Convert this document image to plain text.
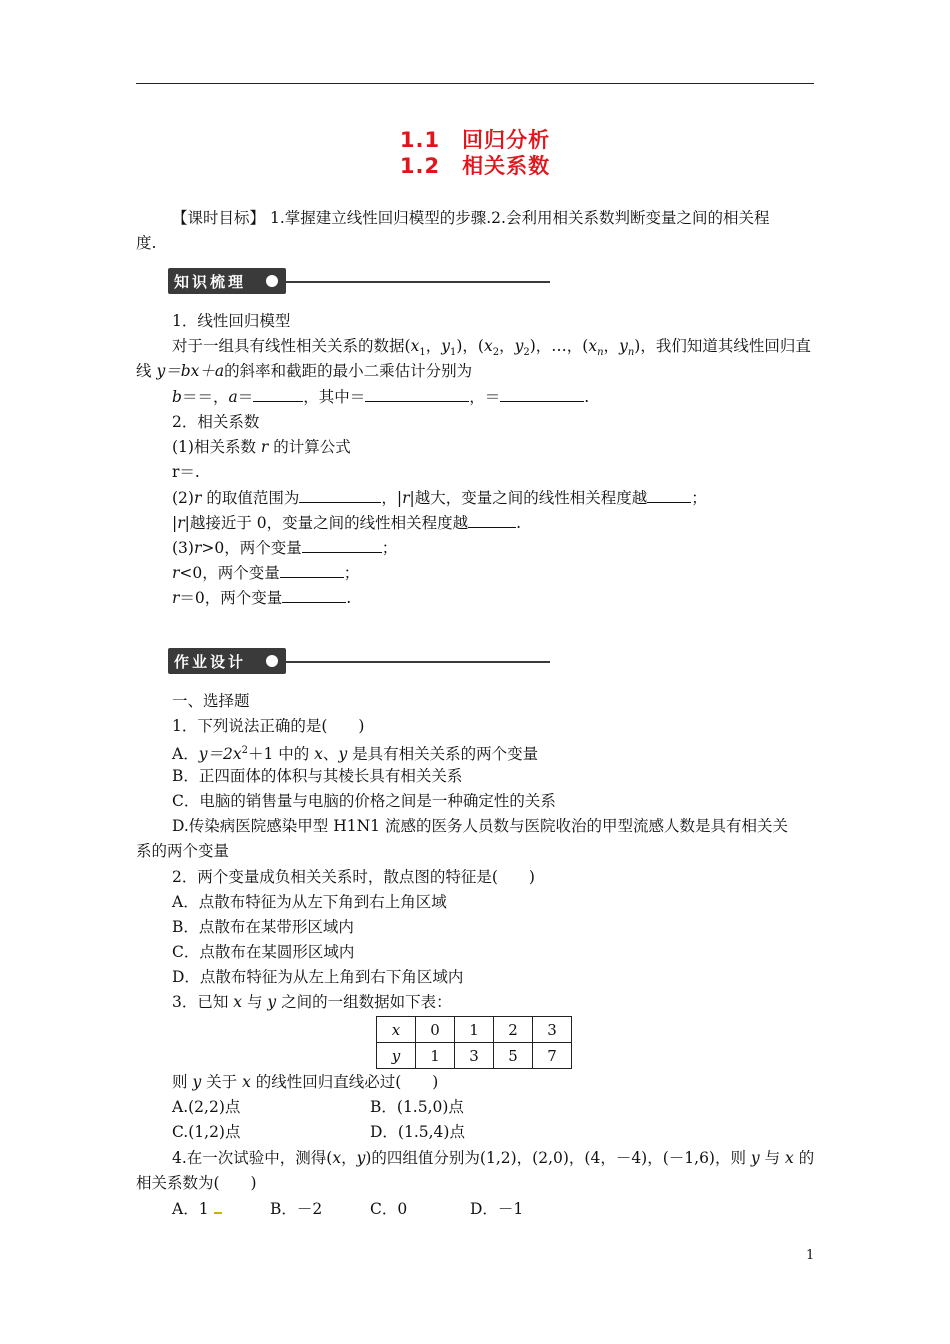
1.1　回归分析
1.2　相关系数
【课时目标】 1.掌握建立线性回归模型的步骤.2.会利用相关系数判断变量之间的相关程
度.
知识梳理
1．线性回归模型
对于一组具有线性相关关系的数据($x_1$，$y_1$)，($x_2$，$y_2$)，…，($x_n$，$y_n$)，我们知道其线性回归直
线 y＝bx＋a的斜率和截距的最小二乘估计分别为
b＝＝，a＝	，其中＝	，＝	.
2．相关系数
(1)相关系数 r 的计算公式
r＝.
(2)r 的取值范围为	，|r|越大，变量之间的线性相关程度越	；
|r|越接近于 0，变量之间的线性相关程度越	.
(3)r>0，两个变量	；
r<0，两个变量	；
r＝0，两个变量	.
作业设计
一、选择题
1．下列说法正确的是(　　)
A．$y=2x^2+1$ 中的 x、y 是具有相关关系的两个变量
B．正四面体的体积与其棱长具有相关关系
C．电脑的销售量与电脑的价格之间是一种确定性的关系
D.传染病医院感染甲型 H1N1 流感的医务人员数与医院收治的甲型流感人数是具有相关关
系的两个变量
2．两个变量成负相关关系时，散点图的特征是(　　)
A．点散布特征为从左下角到右上角区域
B．点散布在某带形区域内
C．点散布在某圆形区域内
D．点散布特征为从左上角到右下角区域内
3．已知 x 与 y 之间的一组数据如下表：
x	0	1	2	3
y	1	3	5	7
则 y 关于 x 的线性回归直线必过(　　)
A.(2,2)点	B．(1.5,0)点
C.(1,2)点	D．(1.5,4)点
4.在一次试验中，测得(x，y)的四组值分别为(1,2)，(2,0)，(4，－4)，(－1,6)，则 y 与 x 的
相关系数为(　　)
A．1	B．－2	C．0	D．－1
1
